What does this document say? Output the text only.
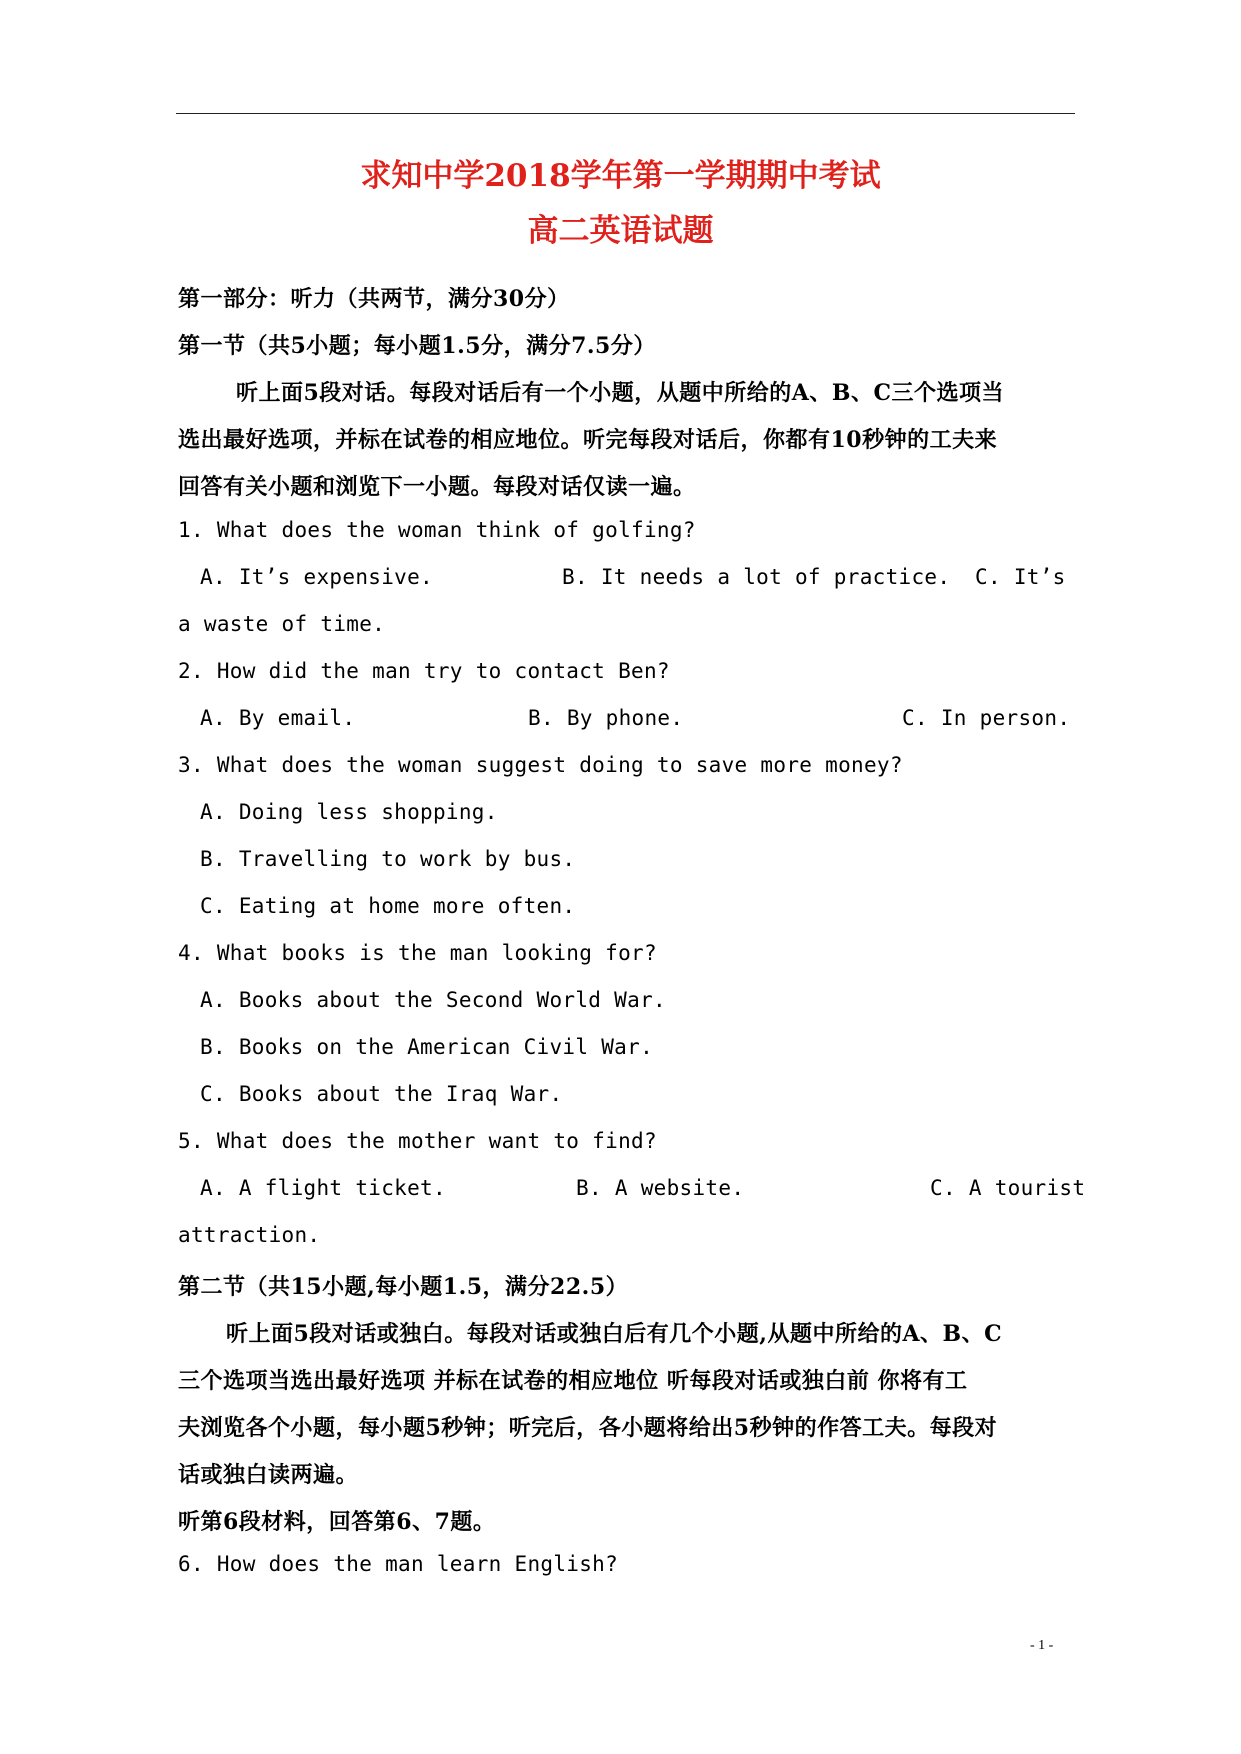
求知中学2018学年第一学期期中考试
高二英语试题
第一部分：听力（共两节，满分30分）
第一节（共5小题；每小题1.5分，满分7.5分）
听上面5段对话。每段对话后有一个小题，从题中所给的A、B、C三个选项当
选出最好选项，并标在试卷的相应地位。听完每段对话后，你都有10秒钟的工夫来
回答有关小题和浏览下一小题。每段对话仅读一遍。
1. What does the woman think of golfing?
A. It’s expensive.	B. It needs a lot of practice. C. It’s
a waste of time.
2. How did the man try to contact Ben?
A. By email.	B. By phone.	C. In person.
3. What does the woman suggest doing to save more money?
A. Doing less shopping.
B. Travelling to work by bus.
C. Eating at home more often.
4. What books is the man looking for?
A. Books about the Second World War.
B. Books on the American Civil War.
C. Books about the Iraq War.
5. What does the mother want to find?
A. A flight ticket.	B. A website.	C. A tourist
attraction.
第二节（共15小题,每小题1.5，满分22.5）
听上面5段对话或独白。每段对话或独白后有几个小题,从题中所给的A、B、C
三个选项当选出最好选项 并标在试卷的相应地位 听每段对话或独白前 你将有工
夫浏览各个小题，每小题5秒钟；听完后，各小题将给出5秒钟的作答工夫。每段对
话或独白读两遍。
听第6段材料，回答第6、7题。
6. How does the man learn English?
- 1 -
